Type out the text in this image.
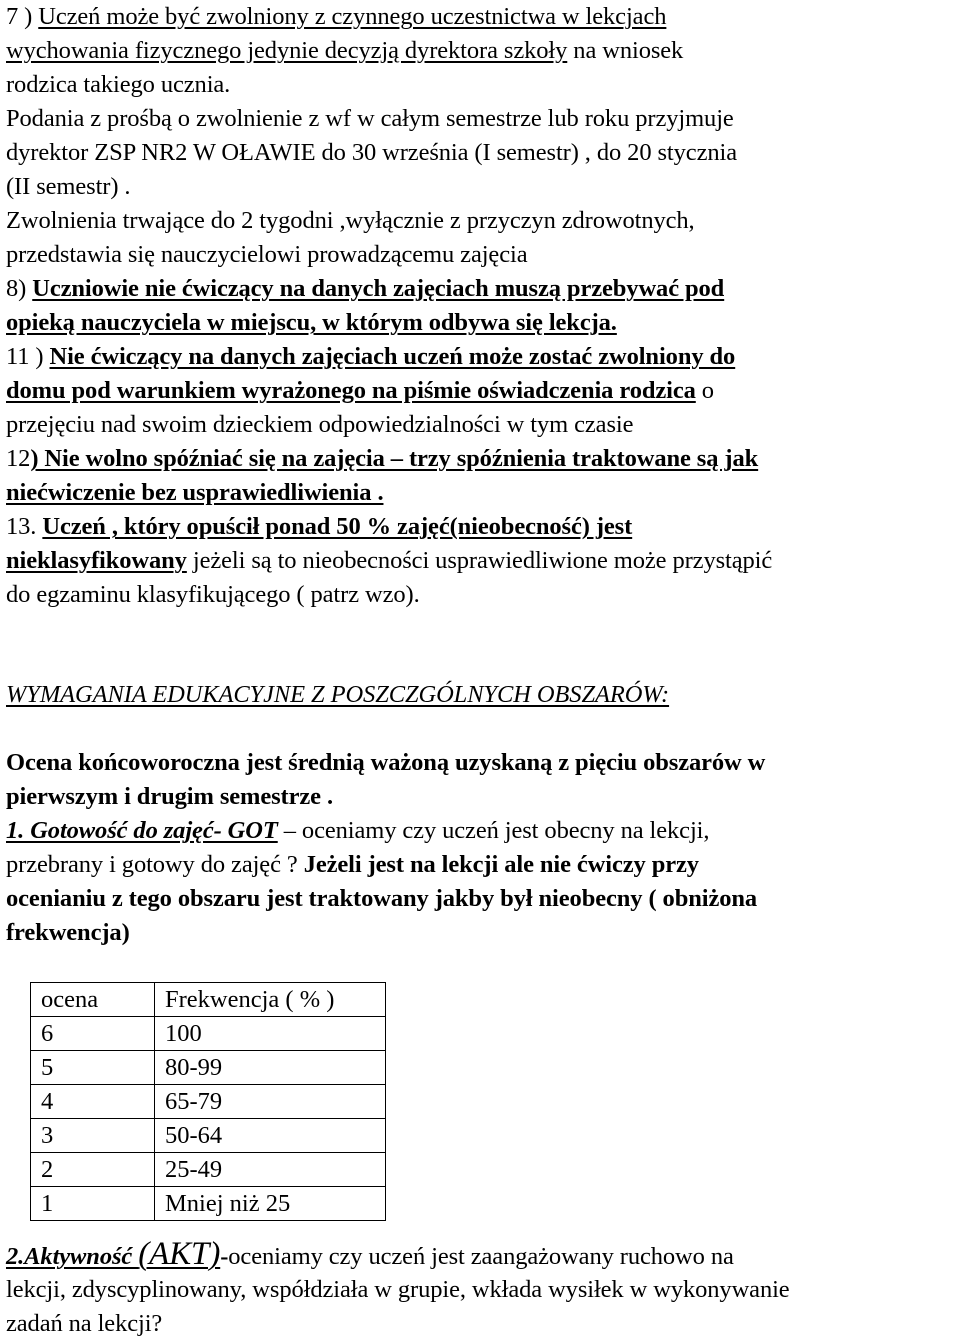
7 ) Uczeń może być zwolniony z czynnego uczestnictwa w lekcjach
wychowania fizycznego jedynie decyzją dyrektora szkoły na wniosek
rodzica takiego ucznia.
Podania z prośbą o zwolnienie z wf w całym semestrze lub roku przyjmuje
dyrektor ZSP NR2 W OŁAWIE do 30 września (I semestr) , do 20 stycznia
(II semestr) .
Zwolnienia trwające do 2 tygodni ,wyłącznie z przyczyn zdrowotnych,
przedstawia się nauczycielowi prowadzącemu zajęcia
8) Uczniowie nie ćwiczący na danych zajęciach muszą przebywać pod
opieką nauczyciela w miejscu, w którym odbywa się lekcja.
11 ) Nie ćwiczący na danych zajęciach uczeń może zostać zwolniony do
domu pod warunkiem wyrażonego na piśmie oświadczenia rodzica o
przejęciu nad swoim dzieckiem odpowiedzialności w tym czasie
12) Nie wolno spóźniać się na zajęcia – trzy spóźnienia traktowane są jak
niećwiczenie bez usprawiedliwienia .
13. Uczeń , który opuścił ponad 50 % zajęć(nieobecność) jest
nieklasyfikowany jeżeli są to nieobecności usprawiedliwione może przystąpić
do egzaminu klasyfikującego ( patrz wzo).
WYMAGANIA EDUKACYJNE Z POSZCZGÓLNYCH OBSZARÓW:
Ocena końcoworoczna jest średnią ważoną uzyskaną z pięciu obszarów w
pierwszym i drugim semestrze .
1. Gotowość do zajęć- GOT – oceniamy czy uczeń jest obecny na lekcji,
przebrany i gotowy do zajęć ? Jeżeli jest na lekcji ale nie ćwiczy przy
ocenianiu z tego obszaru jest traktowany jakby był nieobecny ( obniżona
frekwencja)
ocena	Frekwencja ( % )
6	100
5	80-99
4	65-79
3	50-64
2	25-49
1	Mniej niż 25
2.Aktywność (AKT)-oceniamy czy uczeń jest zaangażowany ruchowo na
lekcji, zdyscyplinowany, współdziała w grupie, wkłada wysiłek w wykonywanie
zadań na lekcji?
